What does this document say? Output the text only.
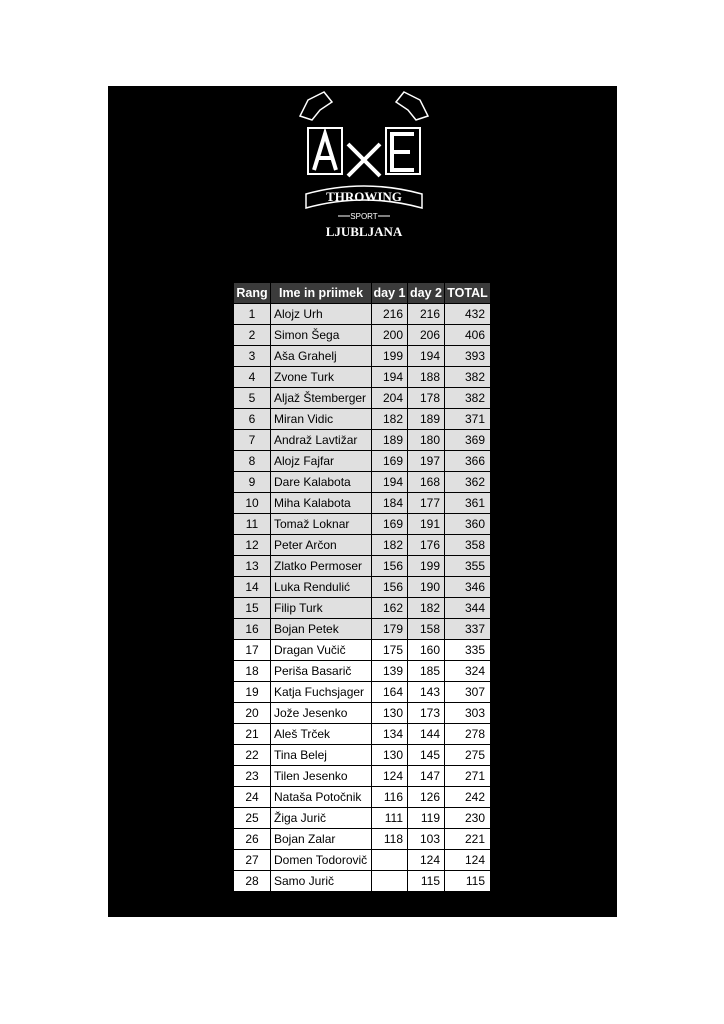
THROWING
SPORT
LJUBLJANA
Rang	Ime in priimek	day 1	day 2	TOTAL
1	Alojz Urh	216	216	432
2	Simon Šega	200	206	406
3	Aša Grahelj	199	194	393
4	Zvone Turk	194	188	382
5	Aljaž Štemberger	204	178	382
6	Miran Vidic	182	189	371
7	Andraž Lavtižar	189	180	369
8	Alojz Fajfar	169	197	366
9	Dare Kalabota	194	168	362
10	Miha Kalabota	184	177	361
11	Tomaž Loknar	169	191	360
12	Peter Arčon	182	176	358
13	Zlatko Permoser	156	199	355
14	Luka Rendulić	156	190	346
15	Filip Turk	162	182	344
16	Bojan Petek	179	158	337
17	Dragan Vučič	175	160	335
18	Periša Basarič	139	185	324
19	Katja Fuchsjager	164	143	307
20	Jože Jesenko	130	173	303
21	Aleš Trček	134	144	278
22	Tina Belej	130	145	275
23	Tilen Jesenko	124	147	271
24	Nataša Potočnik	116	126	242
25	Žiga Jurič	111	119	230
26	Bojan Zalar	118	103	221
27	Domen Todorovič		124	124
28	Samo Jurič		115	115
